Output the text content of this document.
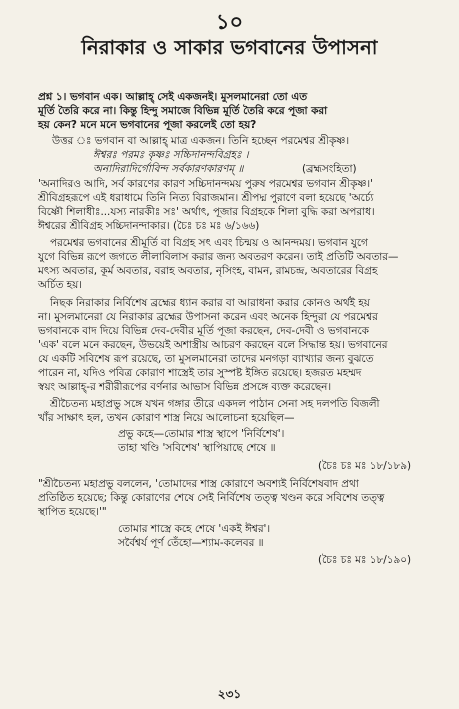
১০
নিরাকার ও সাকার ভগবানের উপাসনা
প্রশ্ন ১। ভগবান এক। আল্লাহ্ সেই একজনই। মুসলমানেরা তো এত
মূর্তি তৈরি করে না। কিন্তু হিন্দু সমাজে বিভিন্ন মূর্তি তৈরি করে পূজা করা
হয় কেন? মনে মনে ভগবানের পূজা করলেই তো হয়?
উত্তর ঃ ভগবান বা আল্লাহ্ মাত্র একজন। তিনি হচ্ছেন পরমেশ্বর শ্রীকৃষ্ণ।
ঈশ্বরঃ পরমঃ কৃষ্ণঃ সচ্চিদানন্দবিগ্রহঃ ।
অনাদিরাদির্গোবিন্দ সর্বকারণকারণম্ ॥	(ব্রহ্মসংহিতা)
'অনাদিরও আদি, সর্ব কারণের কারণ সচ্চিদানন্দময় পুরুষ পরমেশ্বর ভগবান শ্রীকৃষ্ণ।'
শ্রীবিগ্রহরূপে এই ধরাধামে তিনি নিত্য বিরাজমান। শ্রীপদ্ম পুরাণে বলা হয়েছে 'অর্চ্যে
বিষ্ণৌ শিলাধীঃ...যস্য নারকীঃ সঃ' অর্থাৎ, পূজার বিগ্রহকে শিলা বুদ্ধি করা অপরাধ।
ঈশ্বরের শ্রীবিগ্রহ সচ্চিদানন্দাকার। (চৈঃ চঃ মঃ ৬/১৬৬)
পরমেশ্বর ভগবানের শ্রীমূর্তি বা বিগ্রহ সৎ এবং চিন্ময় ও আনন্দময়। ভগবান যুগে
যুগে বিভিন্ন রূপে জগতে লীলাবিলাস করার জন্য অবতরণ করেন। তাই প্রতিটি অবতার—
মৎস্য অবতার, কূর্ম অবতার, বরাহ অবতার, নৃসিংহ, বামন, রামচন্দ্র, অবতারের বিগ্রহ
অর্চিত হয়।
নিছক নিরাকার নির্বিশেষ ব্রহ্মের ধ্যান করার বা আরাধনা করার কোনও অর্থই হয়
না। মুসলমানেরা যে নিরাকার ব্রহ্মের উপাসনা করেন এবং অনেক হিন্দুরা যে পরমেশ্বর
ভগবানকে বাদ দিয়ে বিভিন্ন দেব-দেবীর মূর্তি পূজা করছেন, দেব-দেবী ও ভগবানকে
'এক' বলে মনে করছেন, উভয়েই অশাস্ত্রীয় আচরণ করছেন বলে সিদ্ধান্ত হয়। ভগবানের
যে একটি সবিশেষ রূপ রয়েছে, তা মুসলমানেরা তাদের মনগড়া ব্যাখ্যার জন্য বুঝতে
পারেন না, যদিও পবিত্র কোরাণ শাস্ত্রেই তার সুস্পষ্ট ইঙ্গিত রয়েছে। হজরত মহম্মদ
স্বয়ং আল্লাহ্-র শরীরীরূপের বর্ণনার আভাস বিভিন্ন প্রসঙ্গে ব্যক্ত করেছেন।
শ্রীচৈতন্য মহাপ্রভু সঙ্গে যখন গঙ্গার তীরে একদল পাঠান সেনা সহ দলপতি বিজলী
খাঁর সাক্ষাৎ হল, তখন কোরাণ শাস্ত্র নিয়ে আলোচনা হয়েছিল—
প্রভু কহে—তোমার শাস্ত্র স্থাপে 'নির্বিশেষ'।
তাহা খণ্ডি 'সবিশেষ' স্থাপিয়াছে শেষে ॥
(চৈঃ চঃ মঃ ১৮/১৮৯)
"শ্রীচৈতন্য মহাপ্রভু বললেন, 'তোমাদের শাস্ত্র কোরাণে অবশ্যই নির্বিশেষবাদ প্রথা
প্রতিষ্ঠিত হয়েছে; কিন্তু কোরাণের শেষে সেই নির্বিশেষ তত্ত্ব খণ্ডন করে সবিশেষ তত্ত্ব
স্থাপিত হয়েছে।'"
তোমার শাস্ত্রে কহে শেষে 'একই ঈশ্বর'।
সর্বৈশ্বর্য পূর্ণ তেঁহো—শ্যাম-কলেবর ॥
(চৈঃ চঃ মঃ ১৮/১৯০)
২৩১
